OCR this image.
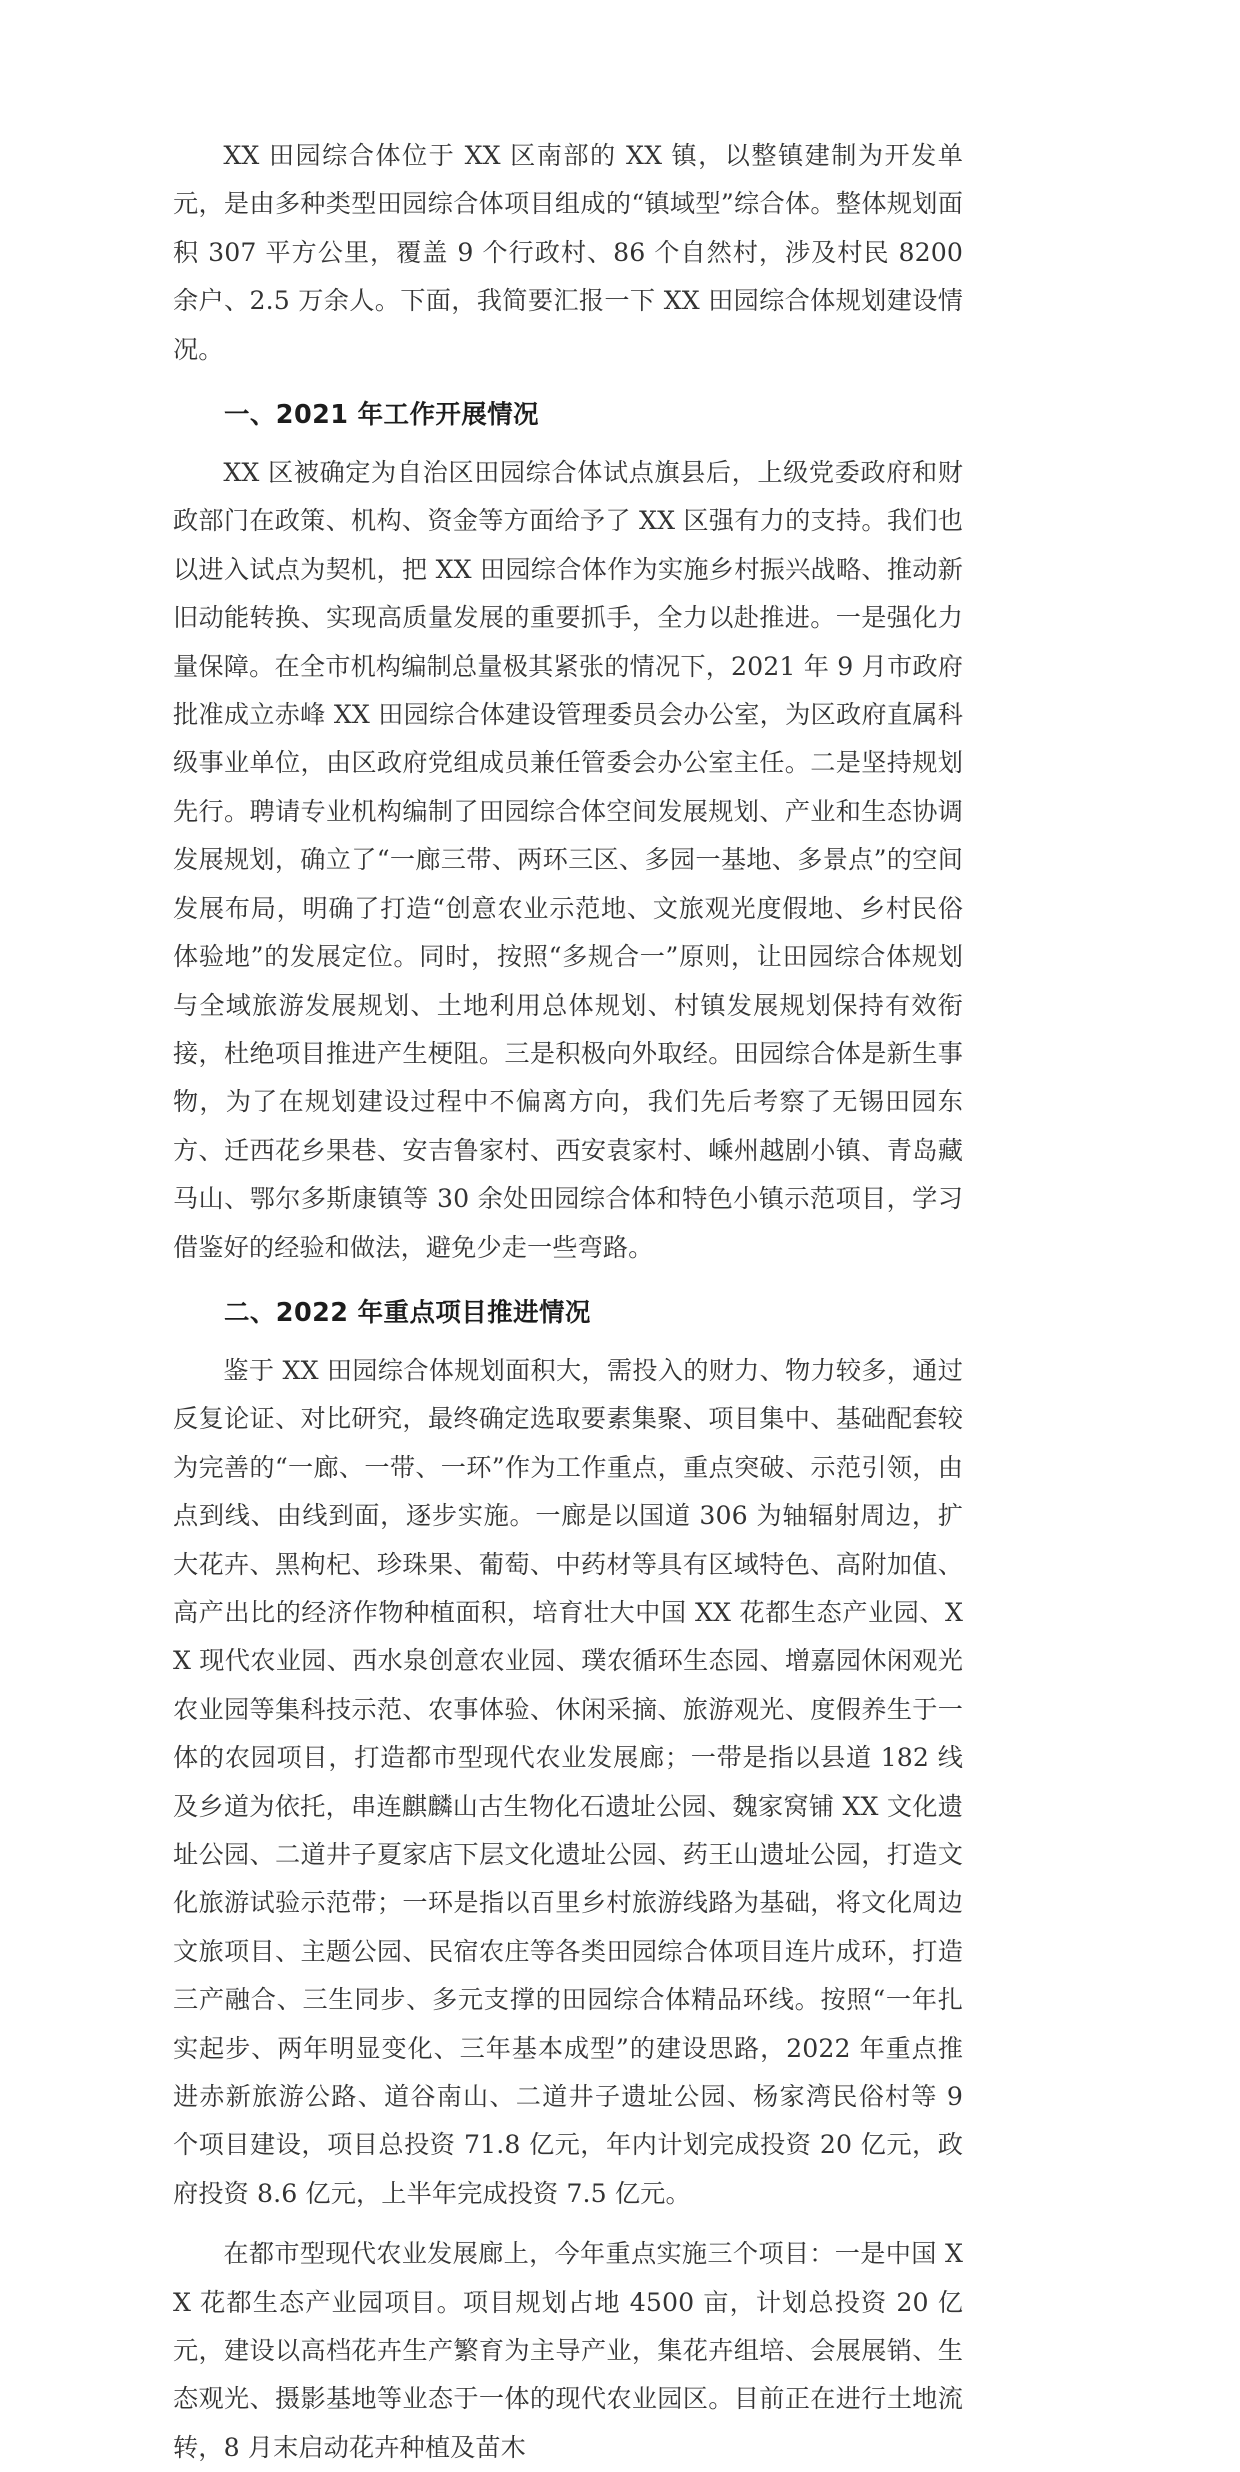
XX 田园综合体位于 XX 区南部的 XX 镇，以整镇建制为开发单元，是由多种类型田园综合体项目组成的“镇域型”综合体。整体规划面积 307 平方公里，覆盖 9 个行政村、86 个自然村，涉及村民 8200 余户、2.5 万余人。下面，我简要汇报一下 XX 田园综合体规划建设情况。

一、2021 年工作开展情况

XX 区被确定为自治区田园综合体试点旗县后，上级党委政府和财政部门在政策、机构、资金等方面给予了 XX 区强有力的支持。我们也以进入试点为契机，把 XX 田园综合体作为实施乡村振兴战略、推动新旧动能转换、实现高质量发展的重要抓手，全力以赴推进。一是强化力量保障。在全市机构编制总量极其紧张的情况下，2021 年 9 月市政府批准成立赤峰 XX 田园综合体建设管理委员会办公室，为区政府直属科级事业单位，由区政府党组成员兼任管委会办公室主任。二是坚持规划先行。聘请专业机构编制了田园综合体空间发展规划、产业和生态协调发展规划，确立了“一廊三带、两环三区、多园一基地、多景点”的空间发展布局，明确了打造“创意农业示范地、文旅观光度假地、乡村民俗体验地”的发展定位。同时，按照“多规合一”原则，让田园综合体规划与全域旅游发展规划、土地利用总体规划、村镇发展规划保持有效衔接，杜绝项目推进产生梗阻。三是积极向外取经。田园综合体是新生事物，为了在规划建设过程中不偏离方向，我们先后考察了无锡田园东方、迁西花乡果巷、安吉鲁家村、西安袁家村、嵊州越剧小镇、青岛藏马山、鄂尔多斯康镇等 30 余处田园综合体和特色小镇示范项目，学习借鉴好的经验和做法，避免少走一些弯路。

二、2022 年重点项目推进情况

鉴于 XX 田园综合体规划面积大，需投入的财力、物力较多，通过反复论证、对比研究，最终确定选取要素集聚、项目集中、基础配套较为完善的“一廊、一带、一环”作为工作重点，重点突破、示范引领，由点到线、由线到面，逐步实施。一廊是以国道 306 为轴辐射周边，扩大花卉、黑枸杞、珍珠果、葡萄、中药材等具有区域特色、高附加值、高产出比的经济作物种植面积，培育壮大中国 XX 花都生态产业园、XX 现代农业园、西水泉创意农业园、璞农循环生态园、增嘉园休闲观光农业园等集科技示范、农事体验、休闲采摘、旅游观光、度假养生于一体的农园项目，打造都市型现代农业发展廊；一带是指以县道 182 线及乡道为依托，串连麒麟山古生物化石遗址公园、魏家窝铺 XX 文化遗址公园、二道井子夏家店下层文化遗址公园、药王山遗址公园，打造文化旅游试验示范带；一环是指以百里乡村旅游线路为基础，将文化周边文旅项目、主题公园、民宿农庄等各类田园综合体项目连片成环，打造三产融合、三生同步、多元支撑的田园综合体精品环线。按照“一年扎实起步、两年明显变化、三年基本成型”的建设思路，2022 年重点推进赤新旅游公路、道谷南山、二道井子遗址公园、杨家湾民俗村等 9 个项目建设，项目总投资 71.8 亿元，年内计划完成投资 20 亿元，政府投资 8.6 亿元，上半年完成投资 7.5 亿元。

在都市型现代农业发展廊上，今年重点实施三个项目：一是中国 XX 花都生态产业园项目。项目规划占地 4500 亩，计划总投资 20 亿元，建设以高档花卉生产繁育为主导产业，集花卉组培、会展展销、生态观光、摄影基地等业态于一体的现代农业园区。目前正在进行土地流转，8 月末启动花卉种植及苗木
